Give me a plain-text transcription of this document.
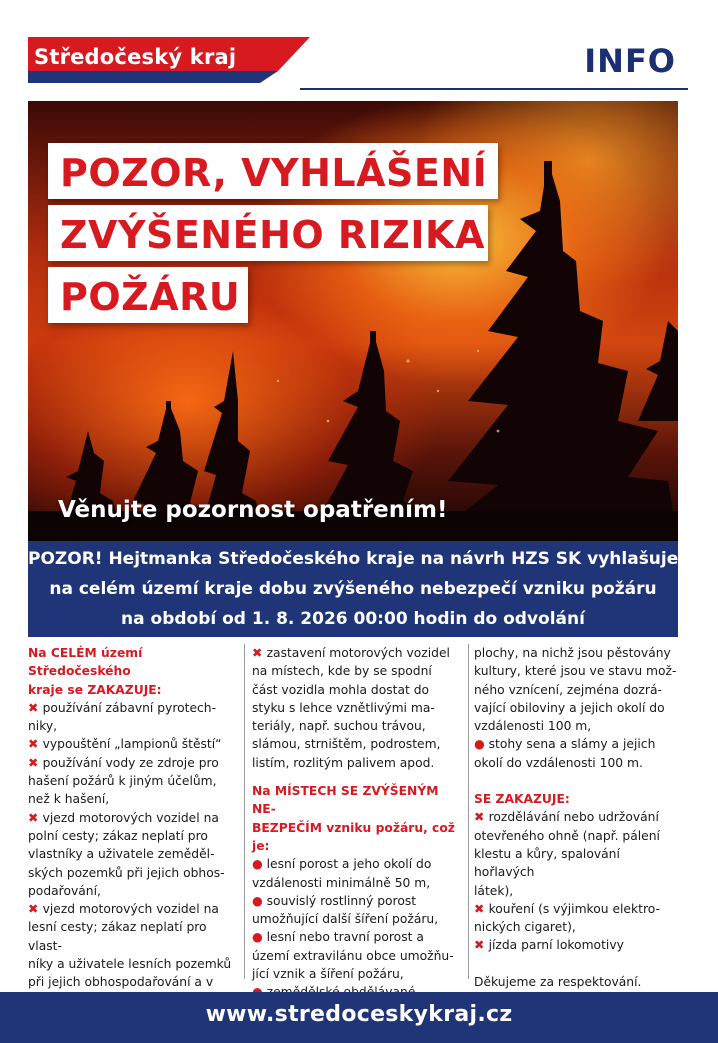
Středočeský kraj	INFO
POZOR, VYHLÁŠENÍ
ZVÝŠENÉHO RIZIKA
POŽÁRU
Věnujte pozornost opatřením!
POZOR! Hejtmanka Středočeského kraje na návrh HZS SK vyhlašuje
na celém území kraje dobu zvýšeného nebezpečí vzniku požáru
na období od 1. 8. 2026 00:00 hodin do odvolání
Na CELÉM území Středočeského
kraje se ZAKAZUJE:
✖ používání zábavní pyrotech-
niky,
✖ vypouštění „lampionů štěstí“
✖ používání vody ze zdroje pro
hašení požárů k jiným účelům,
než k hašení,
✖ vjezd motorových vozidel na
polní cesty; zákaz neplatí pro
vlastníky a uživatele zeměděl-
ských pozemků při jejich obhos-
podařování,
✖ vjezd motorových vozidel na
lesní cesty; zákaz neplatí pro vlast-
níky a uživatele lesních pozemků
při jejich obhospodařování a v
✖ zastavení motorových vozidel
na místech, kde by se spodní
část vozidla mohla dostat do
styku s lehce vznětlivými ma-
teriály, např. suchou trávou,
slámou, strništěm, podrostem,
listím, rozlitým palivem apod.
Na MÍSTECH SE ZVÝŠENÝM NE-
BEZPEČÍM vzniku požáru, což je:
● lesní porost a jeho okolí do
vzdálenosti minimálně 50 m,
● souvislý rostlinný porost
umožňující další šíření požáru,
● lesní nebo travní porost a
území extravilánu obce umožňu-
jící vznik a šíření požáru,
plochy, na nichž jsou pěstovány
kultury, které jsou ve stavu mož-
ného vznícení, zejména dozrá-
vající obiloviny a jejich okolí do
vzdálenosti 100 m,
● stohy sena a slámy a jejich
okolí do vzdálenosti 100 m.
SE ZAKAZUJE:
✖ rozdělávání nebo udržování
otevřeného ohně (např. pálení
klestu a kůry, spalování hořlavých
látek),
✖ kouření (s výjimkou elektro-
nických cigaret),
✖ jízda parní lokomotivy
Děkujeme za respektování.
www.stredoceskykraj.cz
